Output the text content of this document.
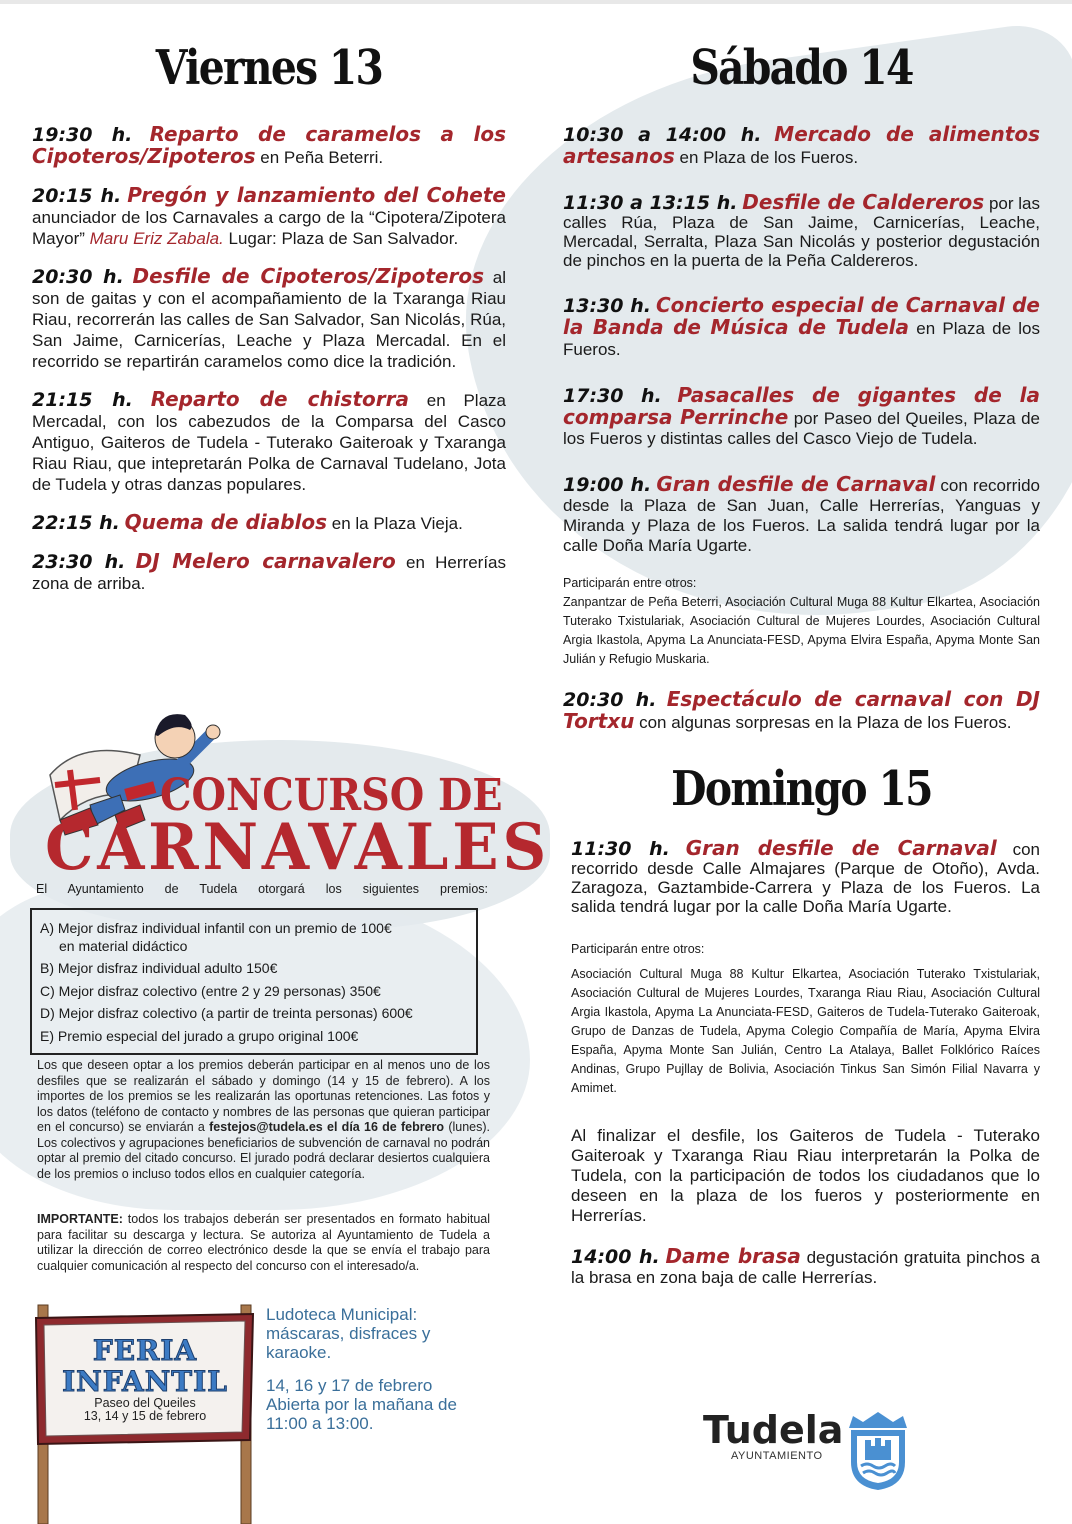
Viernes 13

19:30 h. Reparto de caramelos a los Cipoteros/Zipoteros en Peña Beterri.

20:15 h. Pregón y lanzamiento del Cohete anunciador de los Carnavales a cargo de la “Cipotera/Zipotera Mayor” Maru Eriz Zabala. Lugar: Plaza de San Salvador.

20:30 h. Desfile de Cipoteros/Zipoteros al son de gaitas y con el acompañamiento de la Txaranga Riau Riau, recorrerán las calles de San Salvador, San Nicolás, Rúa, San Jaime, Carnicerías, Leache y Plaza Mercadal. En el recorrido se repartirán caramelos como dice la tradición.

21:15 h. Reparto de chistorra en Plaza Mercadal, con los cabezudos de la Comparsa del Casco Antiguo, Gaiteros de Tudela - Tuterako Gaiteroak y Txaranga Riau Riau, que intepretarán Polka de Carnaval Tudelano, Jota de Tudela y otras danzas populares.

22:15 h. Quema de diablos en la Plaza Vieja.

23:30 h. DJ Melero carnavalero en Herrerías zona de arriba.

CONCURSO DE
CARNAVALES
El Ayuntamiento de Tudela otorgará los siguientes premios:
A) Mejor disfraz individual infantil con un premio de 100€
en material didáctico
B) Mejor disfraz individual adulto 150€
C) Mejor disfraz colectivo (entre 2 y 29 personas) 350€
D) Mejor disfraz colectivo (a partir de treinta personas) 600€
E) Premio especial del jurado a grupo original 100€
Los que deseen optar a los premios deberán participar en al menos uno de los desfiles que se realizarán el sábado y domingo (14 y 15 de febrero). A los importes de los premios se les realizarán las oportunas retenciones. Las fotos y los datos (teléfono de contacto y nombres de las personas que quieran participar en el concurso) se enviarán a festejos@tudela.es el día 16 de febrero (lunes). Los colectivos y agrupaciones beneficiarios de subvención de carnaval no podrán optar al premio del citado concurso. El jurado podrá declarar desiertos cualquiera de los premios o incluso todos ellos en cualquier categoría.
IMPORTANTE: todos los trabajos deberán ser presentados en formato habitual para facilitar su descarga y lectura. Se autoriza al Ayuntamiento de Tudela a utilizar la dirección de correo electrónico desde la que se envía el trabajo para cualquier comunicación al respecto del concurso con el interesado/a.
FERIA
INFANTIL
Paseo del Queiles
13, 14 y 15 de febrero

Ludoteca Municipal: máscaras, disfraces y karaoke.

14, 16 y 17 de febrero Abierta por la mañana de 11:00 a 13:00.

Sábado 14

10:30 a 14:00 h. Mercado de alimentos artesanos en Plaza de los Fueros.

11:30 a 13:15 h. Desfile de Caldereros por las calles Rúa, Plaza de San Jaime, Carnicerías, Leache, Mercadal, Serralta, Plaza San Nicolás y posterior degustación de pinchos en la puerta de la Peña Caldereros.

13:30 h. Concierto especial de Carnaval de la Banda de Música de Tudela en Plaza de los Fueros.

17:30 h. Pasacalles de gigantes de la comparsa Perrinche por Paseo del Queiles, Plaza de los Fueros y distintas calles del Casco Viejo de Tudela.

19:00 h. Gran desfile de Carnaval con recorrido desde la Plaza de San Juan, Calle Herrerías, Yanguas y Miranda y Plaza de los Fueros. La salida tendrá lugar por la calle Doña María Ugarte.

Participarán entre otros:

Zanpantzar de Peña Beterri, Asociación Cultural Muga 88 Kultur Elkartea, Asociación Tuterako Txistulariak, Asociación Cultural de Mujeres Lourdes, Asociación Cultural Argia Ikastola, Apyma La Anunciata-FESD, Apyma Elvira España, Apyma Monte San Julián y Refugio Muskaria.

20:30 h. Espectáculo de carnaval con DJ Tortxu con algunas sorpresas en la Plaza de los Fueros.

Domingo 15

11:30 h. Gran desfile de Carnaval con recorrido desde Calle Almajares (Parque de Otoño), Avda. Zaragoza, Gaztambide-Carrera y Plaza de los Fueros. La salida tendrá lugar por la calle Doña María Ugarte.

Participarán entre otros:

Asociación Cultural Muga 88 Kultur Elkartea, Asociación Tuterako Txistulariak, Asociación Cultural de Mujeres Lourdes, Txaranga Riau Riau, Asociación Cultural Argia Ikastola, Apyma La Anunciata-FESD, Gaiteros de Tudela-Tuterako Gaiteroak, Grupo de Danzas de Tudela, Apyma Colegio Compañía de María, Apyma Elvira España, Apyma Monte San Julián, Centro La Atalaya, Ballet Folklórico Raíces Andinas, Grupo Pujllay de Bolivia, Asociación Tinkus San Simón Filial Navarra y Amimet.

Al finalizar el desfile, los Gaiteros de Tudela - Tuterako Gaiteroak y Txaranga Riau Riau interpretarán la Polka de Tudela, con la participación de todos los ciudadanos que lo deseen en la plaza de los fueros y posteriormente en Herrerías.

14:00 h. Dame brasa degustación gratuita pinchos a la brasa en zona baja de calle Herrerías.

Tudela
AYUNTAMIENTO
